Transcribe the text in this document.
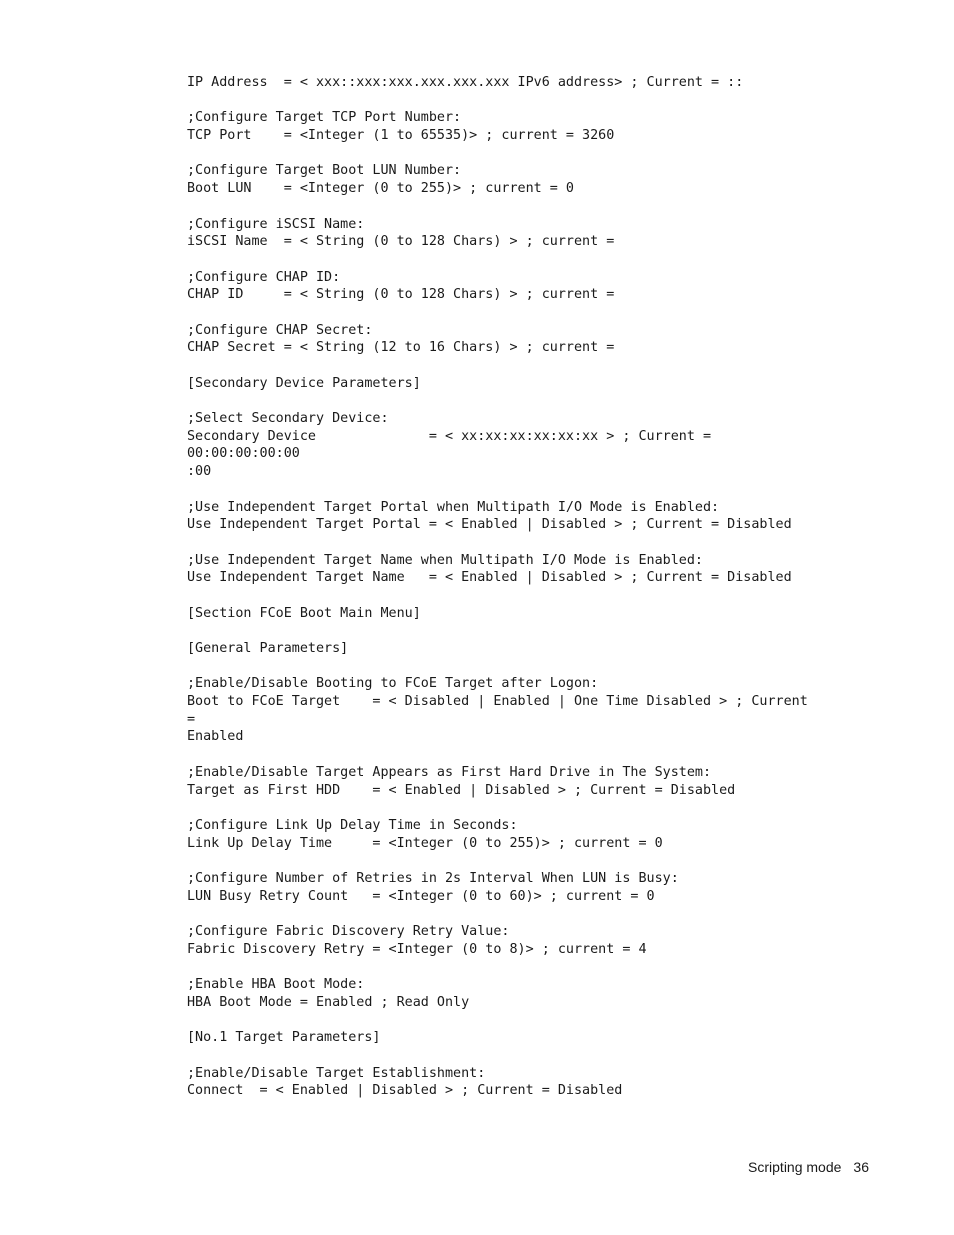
IP Address  = < xxx::xxx:xxx.xxx.xxx.xxx IPv6 address> ; Current = ::
;Configure Target TCP Port Number:
TCP Port    = <Integer (1 to 65535)> ; current = 3260
;Configure Target Boot LUN Number:
Boot LUN    = <Integer (0 to 255)> ; current = 0
;Configure iSCSI Name:
iSCSI Name  = < String (0 to 128 Chars) > ; current =
;Configure CHAP ID:
CHAP ID     = < String (0 to 128 Chars) > ; current =
;Configure CHAP Secret:
CHAP Secret = < String (12 to 16 Chars) > ; current =
[Secondary Device Parameters]
;Select Secondary Device:
Secondary Device              = < xx:xx:xx:xx:xx:xx > ; Current =
00:00:00:00:00
:00
;Use Independent Target Portal when Multipath I/O Mode is Enabled:
Use Independent Target Portal = < Enabled | Disabled > ; Current = Disabled
;Use Independent Target Name when Multipath I/O Mode is Enabled:
Use Independent Target Name   = < Enabled | Disabled > ; Current = Disabled
[Section FCoE Boot Main Menu]
[General Parameters]
;Enable/Disable Booting to FCoE Target after Logon:
Boot to FCoE Target    = < Disabled | Enabled | One Time Disabled > ; Current
=
Enabled
;Enable/Disable Target Appears as First Hard Drive in The System:
Target as First HDD    = < Enabled | Disabled > ; Current = Disabled
;Configure Link Up Delay Time in Seconds:
Link Up Delay Time     = <Integer (0 to 255)> ; current = 0
;Configure Number of Retries in 2s Interval When LUN is Busy:
LUN Busy Retry Count   = <Integer (0 to 60)> ; current = 0
;Configure Fabric Discovery Retry Value:
Fabric Discovery Retry = <Integer (0 to 8)> ; current = 4
;Enable HBA Boot Mode:
HBA Boot Mode = Enabled ; Read Only
[No.1 Target Parameters]
;Enable/Disable Target Establishment:
Connect  = < Enabled | Disabled > ; Current = Disabled
Scripting mode 36
